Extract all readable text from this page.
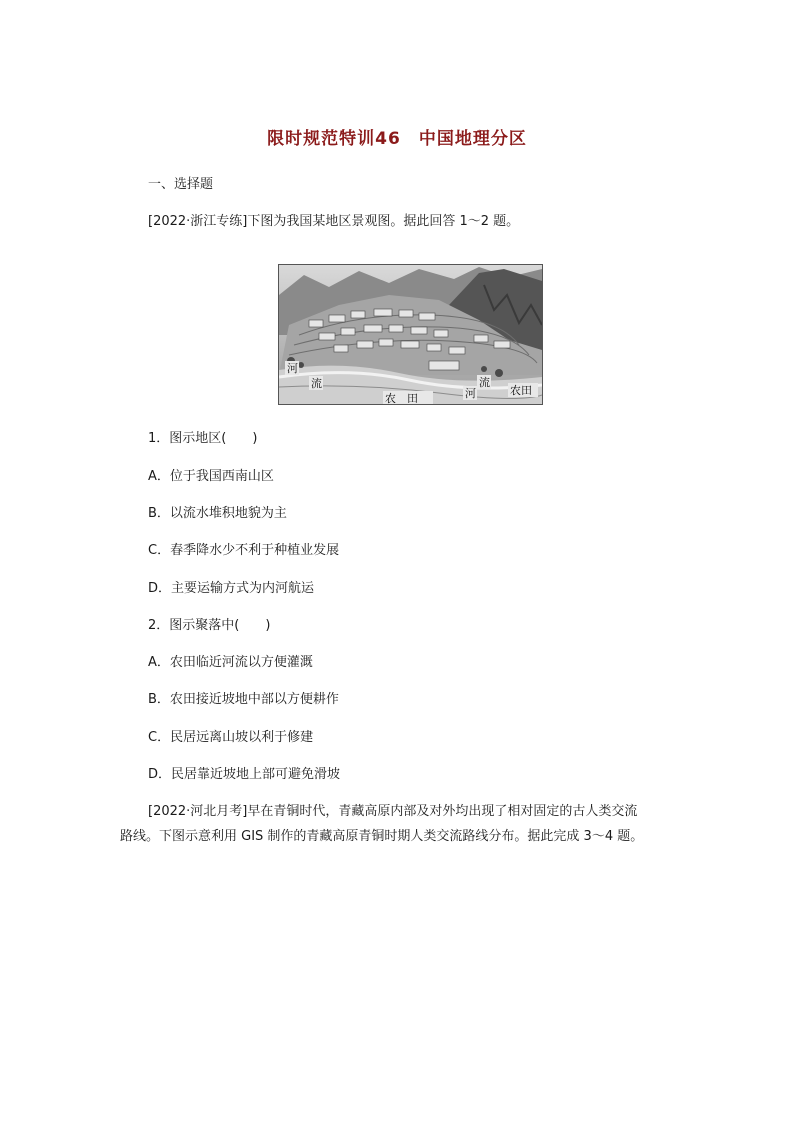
限时规范特训46 中国地理分区
一、选择题
[2022·浙江专练]下图为我国某地区景观图。据此回答 1～2 题。
河
流
农　田	河
流
农田
1．图示地区(　　)
A．位于我国西南山区
B．以流水堆积地貌为主
C．春季降水少不利于种植业发展
D．主要运输方式为内河航运
2．图示聚落中(　　)
A．农田临近河流以方便灌溉
B．农田接近坡地中部以方便耕作
C．民居远离山坡以利于修建
D．民居靠近坡地上部可避免滑坡
[2022·河北月考]早在青铜时代，青藏高原内部及对外均出现了相对固定的古人类交流
路线。下图示意利用 GIS 制作的青藏高原青铜时期人类交流路线分布。据此完成 3～4 题。
